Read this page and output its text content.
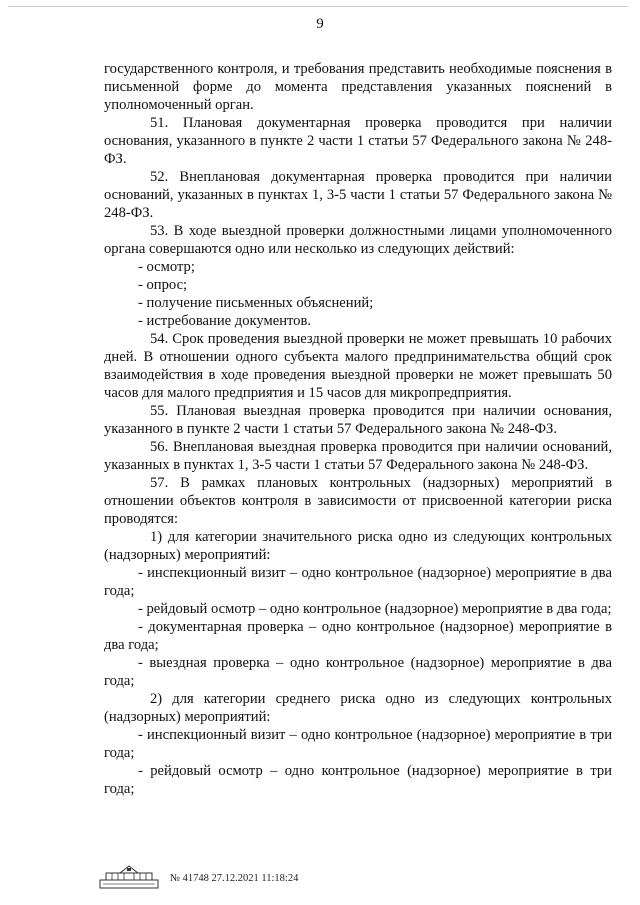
9

государственного контроля, и требования представить необходимые пояснения в письменной форме до момента представления указанных пояснений в уполномоченный орган.

51. Плановая документарная проверка проводится при наличии основания, указанного в пункте 2 части 1 статьи 57 Федерального закона № 248-ФЗ.

52. Внеплановая документарная проверка проводится при наличии оснований, указанных в пунктах 1, 3-5 части 1 статьи 57 Федерального закона № 248-ФЗ.

53. В ходе выездной проверки должностными лицами уполномоченного органа совершаются одно или несколько из следующих действий:

- осмотр;

- опрос;

- получение письменных объяснений;

- истребование документов.

54. Срок проведения выездной проверки не может превышать 10 рабочих дней. В отношении одного субъекта малого предпринимательства общий срок взаимодействия в ходе проведения выездной проверки не может превышать 50 часов для малого предприятия и 15 часов для микропредприятия.

55. Плановая выездная проверка проводится при наличии основания, указанного в пункте 2 части 1 статьи 57 Федерального закона № 248-ФЗ.

56. Внеплановая выездная проверка проводится при наличии оснований, указанных в пунктах 1, 3-5 части 1 статьи 57 Федерального закона № 248-ФЗ.

57. В рамках плановых контрольных (надзорных) мероприятий в отношении объектов контроля в зависимости от присвоенной категории риска проводятся:

1) для категории значительного риска одно из следующих контрольных (надзорных) мероприятий:

- инспекционный визит – одно контрольное (надзорное) мероприятие в два года;

- рейдовый осмотр – одно контрольное (надзорное) мероприятие в два года;

- документарная проверка – одно контрольное (надзорное) мероприятие в два года;

- выездная проверка – одно контрольное (надзорное) мероприятие в два года;

2) для категории среднего риска одно из следующих контрольных (надзорных) мероприятий:

- инспекционный визит – одно контрольное (надзорное) мероприятие в три года;

- рейдовый осмотр – одно контрольное (надзорное) мероприятие в три года;

№ 41748 27.12.2021 11:18:24
